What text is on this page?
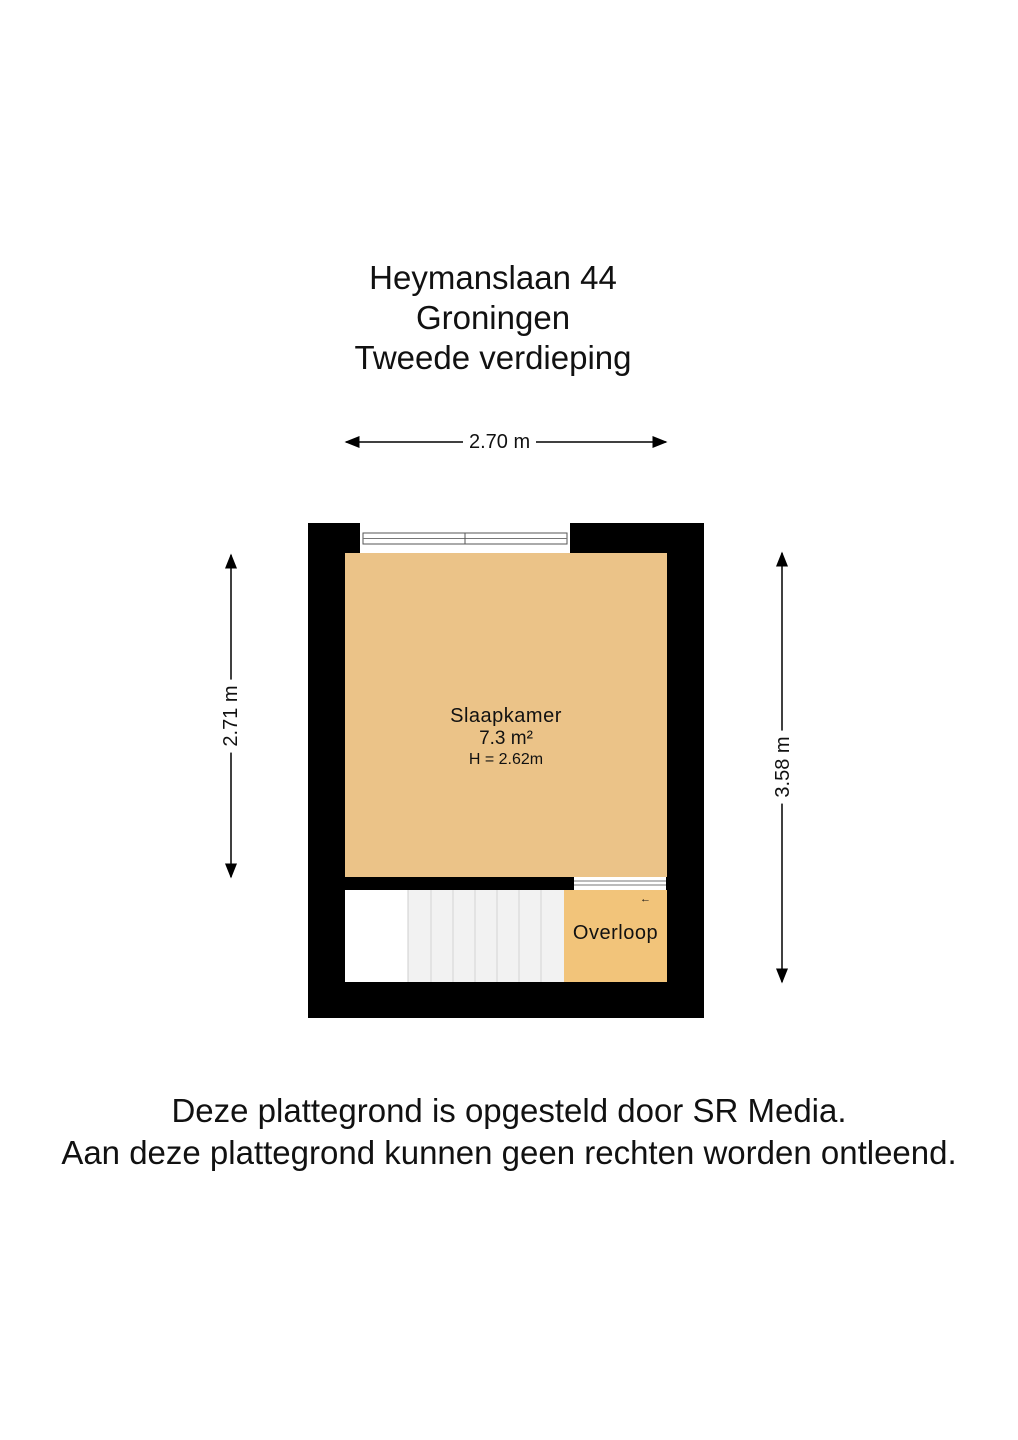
Heymanslaan 44
Groningen
Tweede verdieping
2.70 m
2.71 m
3.58 m
Slaapkamer
7.3 m²
H = 2.62m
Overloop
←
Deze plattegrond is opgesteld door SR Media.
Aan deze plattegrond kunnen geen rechten worden ontleend.
